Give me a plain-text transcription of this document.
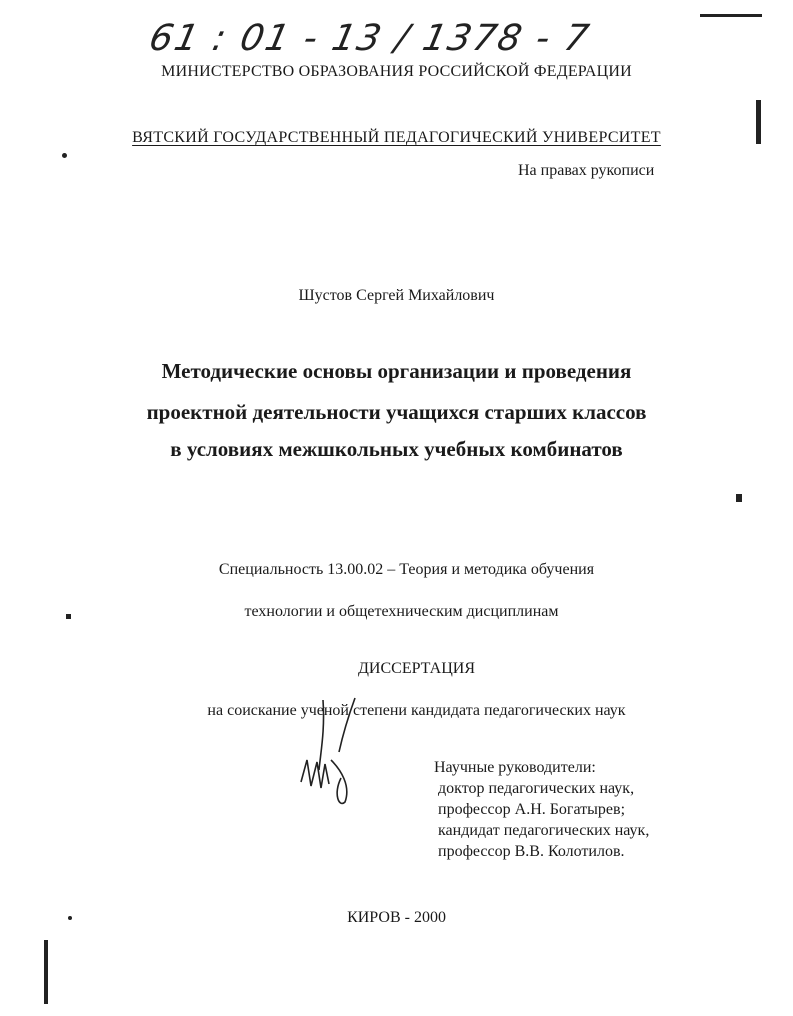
61 : 01 - 13 / 1378 - 7
МИНИСТЕРСТВО ОБРАЗОВАНИЯ РОССИЙСКОЙ ФЕДЕРАЦИИ
ВЯТСКИЙ ГОСУДАРСТВЕННЫЙ ПЕДАГОГИЧЕСКИЙ УНИВЕРСИТЕТ
На правах рукописи
Шустов Сергей Михайлович
Методические основы организации и проведения
проектной деятельности учащихся старших классов
в условиях межшкольных учебных комбинатов
Специальность 13.00.02 – Теория и методика обучения
технологии и общетехническим дисциплинам
ДИССЕРТАЦИЯ
на соискание ученой степени кандидата педагогических наук
Научные руководители:
доктор педагогических наук,
профессор А.Н. Богатырев;
кандидат педагогических наук,
профессор В.В. Колотилов.
КИРОВ - 2000
